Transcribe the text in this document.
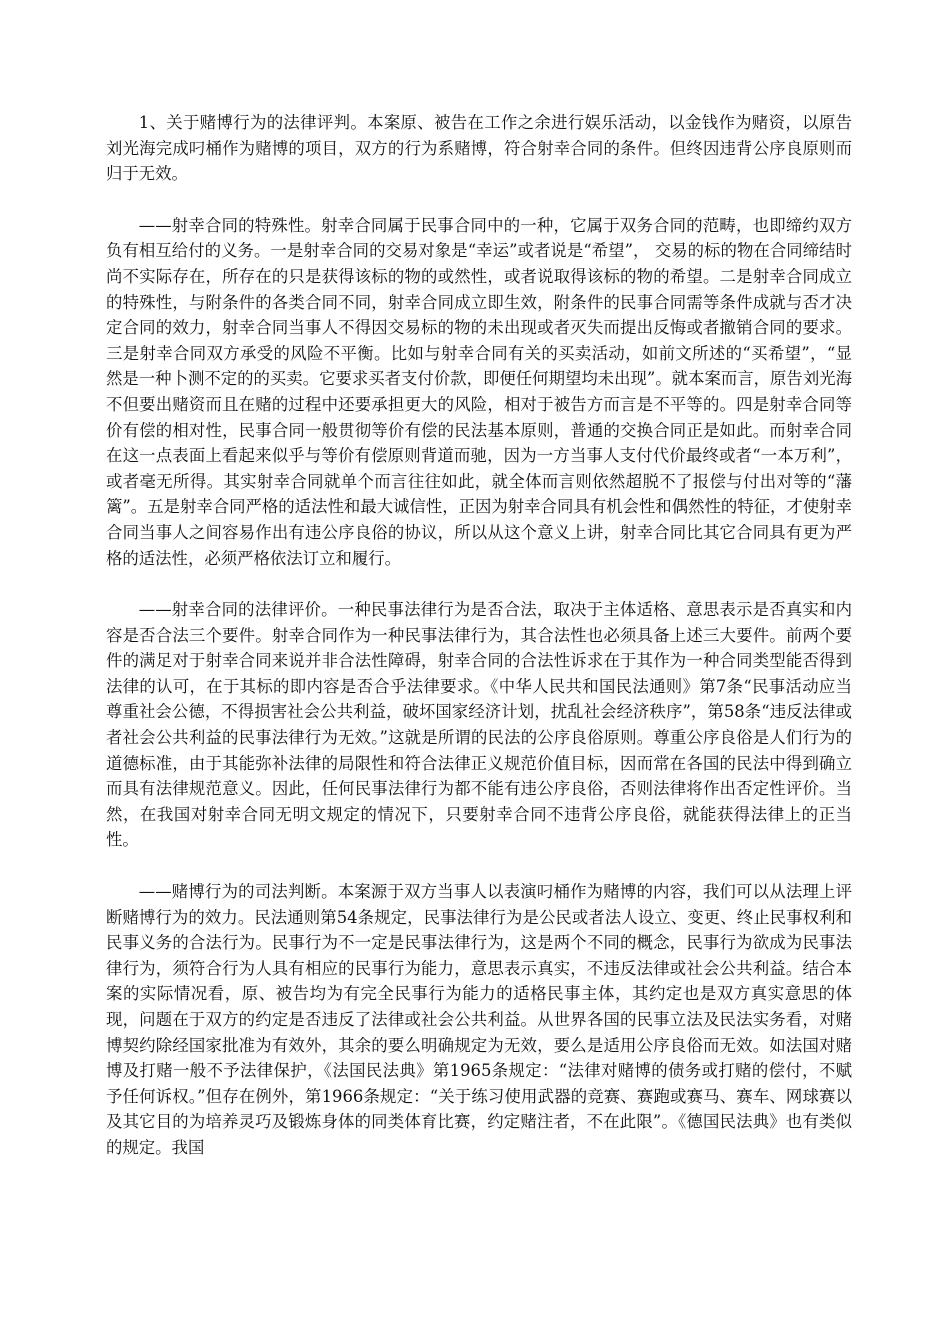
1、关于赌博行为的法律评判。本案原、被告在工作之余进行娱乐活动，以金钱作为赌资，以原告刘光海完成叼桶作为赌博的项目，双方的行为系赌博，符合射幸合同的条件。但终因违背公序良原则而归于无效。

——射幸合同的特殊性。射幸合同属于民事合同中的一种，它属于双务合同的范畴，也即缔约双方负有相互给付的义务。一是射幸合同的交易对象是“幸运”或者说是“希望”， 交易的标的物在合同缔结时尚不实际存在，所存在的只是获得该标的物的或然性，或者说取得该标的物的希望。二是射幸合同成立的特殊性，与附条件的各类合同不同，射幸合同成立即生效，附条件的民事合同需等条件成就与否才决定合同的效力，射幸合同当事人不得因交易标的物的未出现或者灭失而提出反悔或者撤销合同的要求。三是射幸合同双方承受的风险不平衡。比如与射幸合同有关的买卖活动，如前文所述的“买希望”，“显然是一种卜测不定的的买卖。它要求买者支付价款，即便任何期望均未出现”。就本案而言，原告刘光海不但要出赌资而且在赌的过程中还要承担更大的风险，相对于被告方而言是不平等的。四是射幸合同等价有偿的相对性，民事合同一般贯彻等价有偿的民法基本原则，普通的交换合同正是如此。而射幸合同在这一点表面上看起来似乎与等价有偿原则背道而驰，因为一方当事人支付代价最终或者“一本万利”，或者毫无所得。其实射幸合同就单个而言往往如此，就全体而言则依然超脱不了报偿与付出对等的“藩篱”。五是射幸合同严格的适法性和最大诚信性，正因为射幸合同具有机会性和偶然性的特征，才使射幸合同当事人之间容易作出有违公序良俗的协议，所以从这个意义上讲，射幸合同比其它合同具有更为严格的适法性，必须严格依法订立和履行。

——射幸合同的法律评价。一种民事法律行为是否合法，取决于主体适格、意思表示是否真实和内容是否合法三个要件。射幸合同作为一种民事法律行为，其合法性也必须具备上述三大要件。前两个要件的满足对于射幸合同来说并非合法性障碍，射幸合同的合法性诉求在于其作为一种合同类型能否得到法律的认可，在于其标的即内容是否合乎法律要求。《中华人民共和国民法通则》第7条“民事活动应当尊重社会公德，不得损害社会公共利益，破坏国家经济计划，扰乱社会经济秩序”，第58条“违反法律或者社会公共利益的民事法律行为无效。”这就是所谓的民法的公序良俗原则。尊重公序良俗是人们行为的道德标准，由于其能弥补法律的局限性和符合法律正义规范价值目标，因而常在各国的民法中得到确立而具有法律规范意义。因此，任何民事法律行为都不能有违公序良俗，否则法律将作出否定性评价。当然，在我国对射幸合同无明文规定的情况下，只要射幸合同不违背公序良俗，就能获得法律上的正当性。

——赌博行为的司法判断。本案源于双方当事人以表演叼桶作为赌博的内容，我们可以从法理上评断赌博行为的效力。民法通则第54条规定，民事法律行为是公民或者法人设立、变更、终止民事权利和民事义务的合法行为。民事行为不一定是民事法律行为，这是两个不同的概念，民事行为欲成为民事法律行为，须符合行为人具有相应的民事行为能力，意思表示真实，不违反法律或社会公共利益。结合本案的实际情况看，原、被告均为有完全民事行为能力的适格民事主体，其约定也是双方真实意思的体现，问题在于双方的约定是否违反了法律或社会公共利益。从世界各国的民事立法及民法实务看，对赌博契约除经国家批准为有效外，其余的要么明确规定为无效，要么是适用公序良俗而无效。如法国对赌博及打赌一般不予法律保护，《法国民法典》第1965条规定：“法律对赌博的债务或打赌的偿付，不赋予任何诉权。”但存在例外，第1966条规定：“关于练习使用武器的竞赛、赛跑或赛马、赛车、网球赛以及其它目的为培养灵巧及锻炼身体的同类体育比赛，约定赌注者，不在此限”。《德国民法典》也有类似的规定。我国
